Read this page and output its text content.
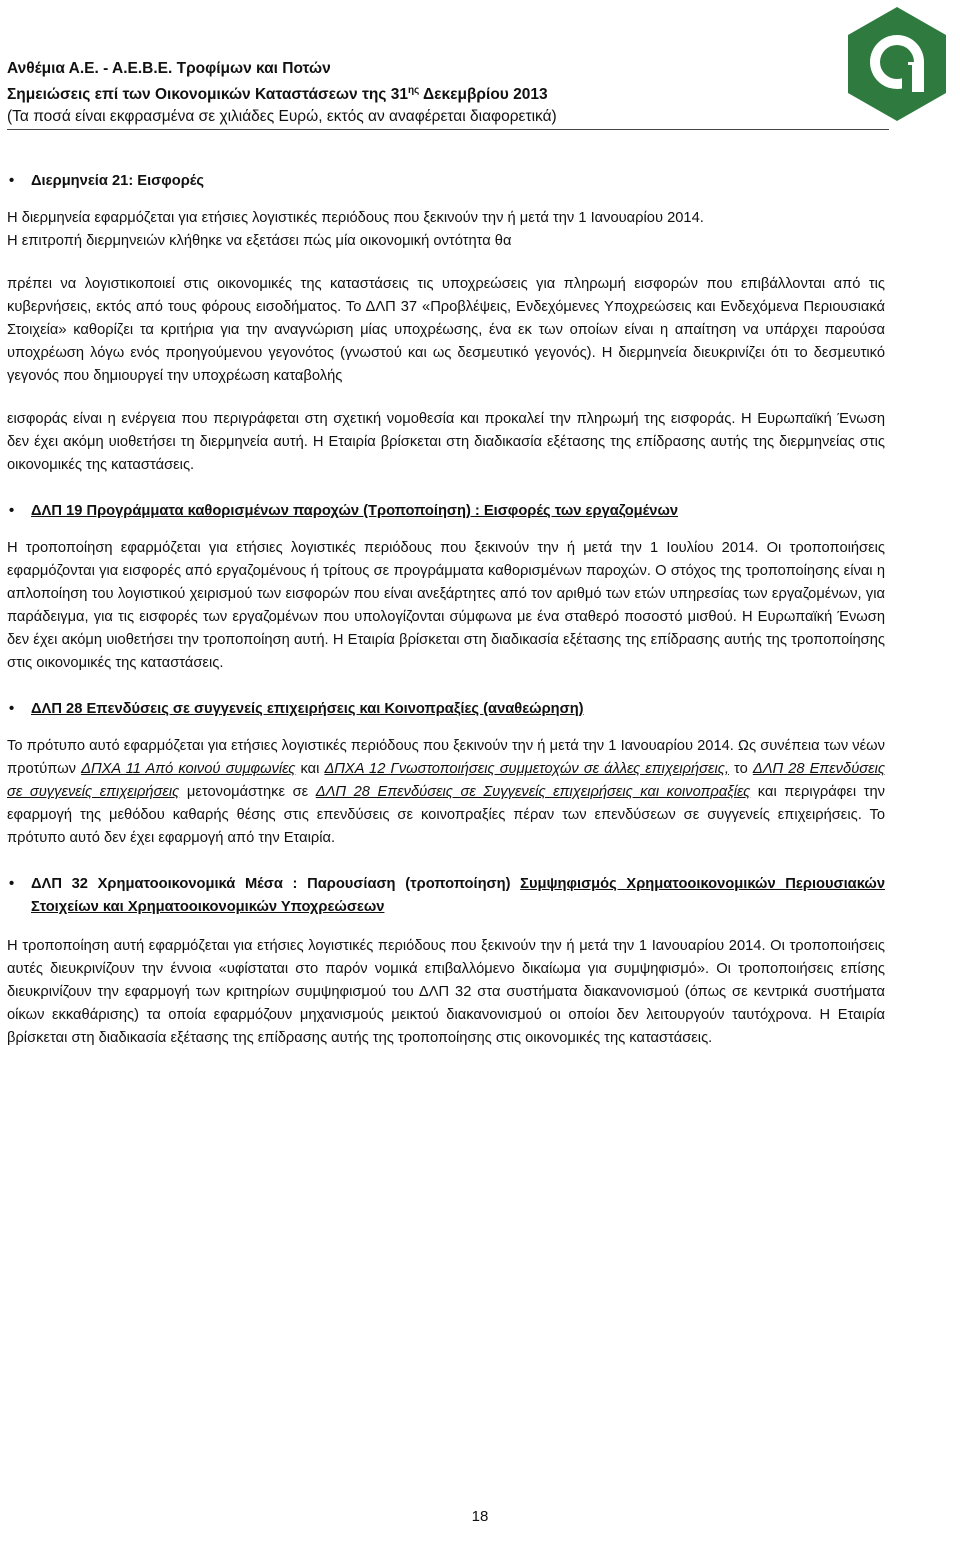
Ανθέμια Α.Ε. - Α.Ε.Β.Ε. Τροφίμων και Ποτών
Σημειώσεις επί των Οικονομικών Καταστάσεων της $31^{\eta\varsigma}$ Δεκεμβρίου 2013
(Τα ποσά είναι εκφρασμένα σε χιλιάδες Ευρώ, εκτός αν αναφέρεται διαφορετικά)
• Διερμηνεία 21: Εισφορές
Η διερμηνεία εφαρμόζεται για ετήσιες λογιστικές περιόδους που ξεκινούν την ή μετά την 1 Ιανουαρίου 2014.
Η επιτροπή διερμηνειών κλήθηκε να εξετάσει πώς μία οικονομική οντότητα θα
πρέπει να λογιστικοποιεί στις οικονομικές της καταστάσεις τις υποχρεώσεις για πληρωμή εισφορών που επιβάλλονται από τις κυβερνήσεις, εκτός από τους φόρους εισοδήματος. Το ΔΛΠ 37 «Προβλέψεις, Ενδεχόμενες Υποχρεώσεις και Ενδεχόμενα Περιουσιακά Στοιχεία» καθορίζει τα κριτήρια για την αναγνώριση μίας υποχρέωσης, ένα εκ των οποίων είναι η απαίτηση να υπάρχει παρούσα υποχρέωση λόγω ενός προηγούμενου γεγονότος (γνωστού και ως δεσμευτικό γεγονός). Η διερμηνεία διευκρινίζει ότι το δεσμευτικό γεγονός που δημιουργεί την υποχρέωση καταβολής
εισφοράς είναι η ενέργεια που περιγράφεται στη σχετική νομοθεσία και προκαλεί την πληρωμή της εισφοράς. Η Ευρωπαϊκή Ένωση δεν έχει ακόμη υιοθετήσει τη διερμηνεία αυτή. Η Εταιρία βρίσκεται στη διαδικασία εξέτασης της επίδρασης αυτής της διερμηνείας στις οικονομικές της καταστάσεις.
• ΔΛΠ 19 Προγράμματα καθορισμένων παροχών (Τροποποίηση) : Εισφορές των εργαζομένων
Η τροποποίηση εφαρμόζεται για ετήσιες λογιστικές περιόδους που ξεκινούν την ή μετά την 1 Ιουλίου 2014. Οι τροποποιήσεις εφαρμόζονται για εισφορές από εργαζομένους ή τρίτους σε προγράμματα καθορισμένων παροχών. Ο στόχος της τροποποίησης είναι η απλοποίηση του λογιστικού χειρισμού των εισφορών που είναι ανεξάρτητες από τον αριθμό των ετών υπηρεσίας των εργαζομένων, για παράδειγμα, για τις εισφορές των εργαζομένων που υπολογίζονται σύμφωνα με ένα σταθερό ποσοστό μισθού. Η Ευρωπαϊκή Ένωση δεν έχει ακόμη υιοθετήσει την τροποποίηση αυτή. Η Εταιρία βρίσκεται στη διαδικασία εξέτασης της επίδρασης αυτής της τροποποίησης στις οικονομικές της καταστάσεις.
• ΔΛΠ 28 Επενδύσεις σε συγγενείς επιχειρήσεις και Κοινοπραξίες (αναθεώρηση)
Το πρότυπο αυτό εφαρμόζεται για ετήσιες λογιστικές περιόδους που ξεκινούν την ή μετά την 1 Ιανουαρίου 2014. Ως συνέπεια των νέων προτύπων ΔΠΧΑ 11 Από κοινού συμφωνίες και ΔΠΧΑ 12 Γνωστοποιήσεις συμμετοχών σε άλλες επιχειρήσεις, το ΔΛΠ 28 Επενδύσεις σε συγγενείς επιχειρήσεις μετονομάστηκε σε ΔΛΠ 28 Επενδύσεις σε Συγγενείς επιχειρήσεις και κοινοπραξίες και περιγράφει την εφαρμογή της μεθόδου καθαρής θέσης στις επενδύσεις σε κοινοπραξίες πέραν των επενδύσεων σε συγγενείς επιχειρήσεις. Το πρότυπο αυτό δεν έχει εφαρμογή από την Εταιρία.
• ΔΛΠ 32 Χρηματοοικονομικά Μέσα : Παρουσίαση (τροποποίηση) Συμψηφισμός Χρηματοοικονομικών Περιουσιακών Στοιχείων και Χρηματοοικονομικών Υποχρεώσεων
Η τροποποίηση αυτή εφαρμόζεται για ετήσιες λογιστικές περιόδους που ξεκινούν την ή μετά την 1 Ιανουαρίου 2014. Οι τροποποιήσεις αυτές διευκρινίζουν την έννοια «υφίσταται στο παρόν νομικά επιβαλλόμενο δικαίωμα για συμψηφισμό». Οι τροποποιήσεις επίσης διευκρινίζουν την εφαρμογή των κριτηρίων συμψηφισμού του ΔΛΠ 32 στα συστήματα διακανονισμού (όπως σε κεντρικά συστήματα οίκων εκκαθάρισης) τα οποία εφαρμόζουν μηχανισμούς μεικτού διακανονισμού οι οποίοι δεν λειτουργούν ταυτόχρονα. Η Εταιρία βρίσκεται στη διαδικασία εξέτασης της επίδρασης αυτής της τροποποίησης στις οικονομικές της καταστάσεις.
18
